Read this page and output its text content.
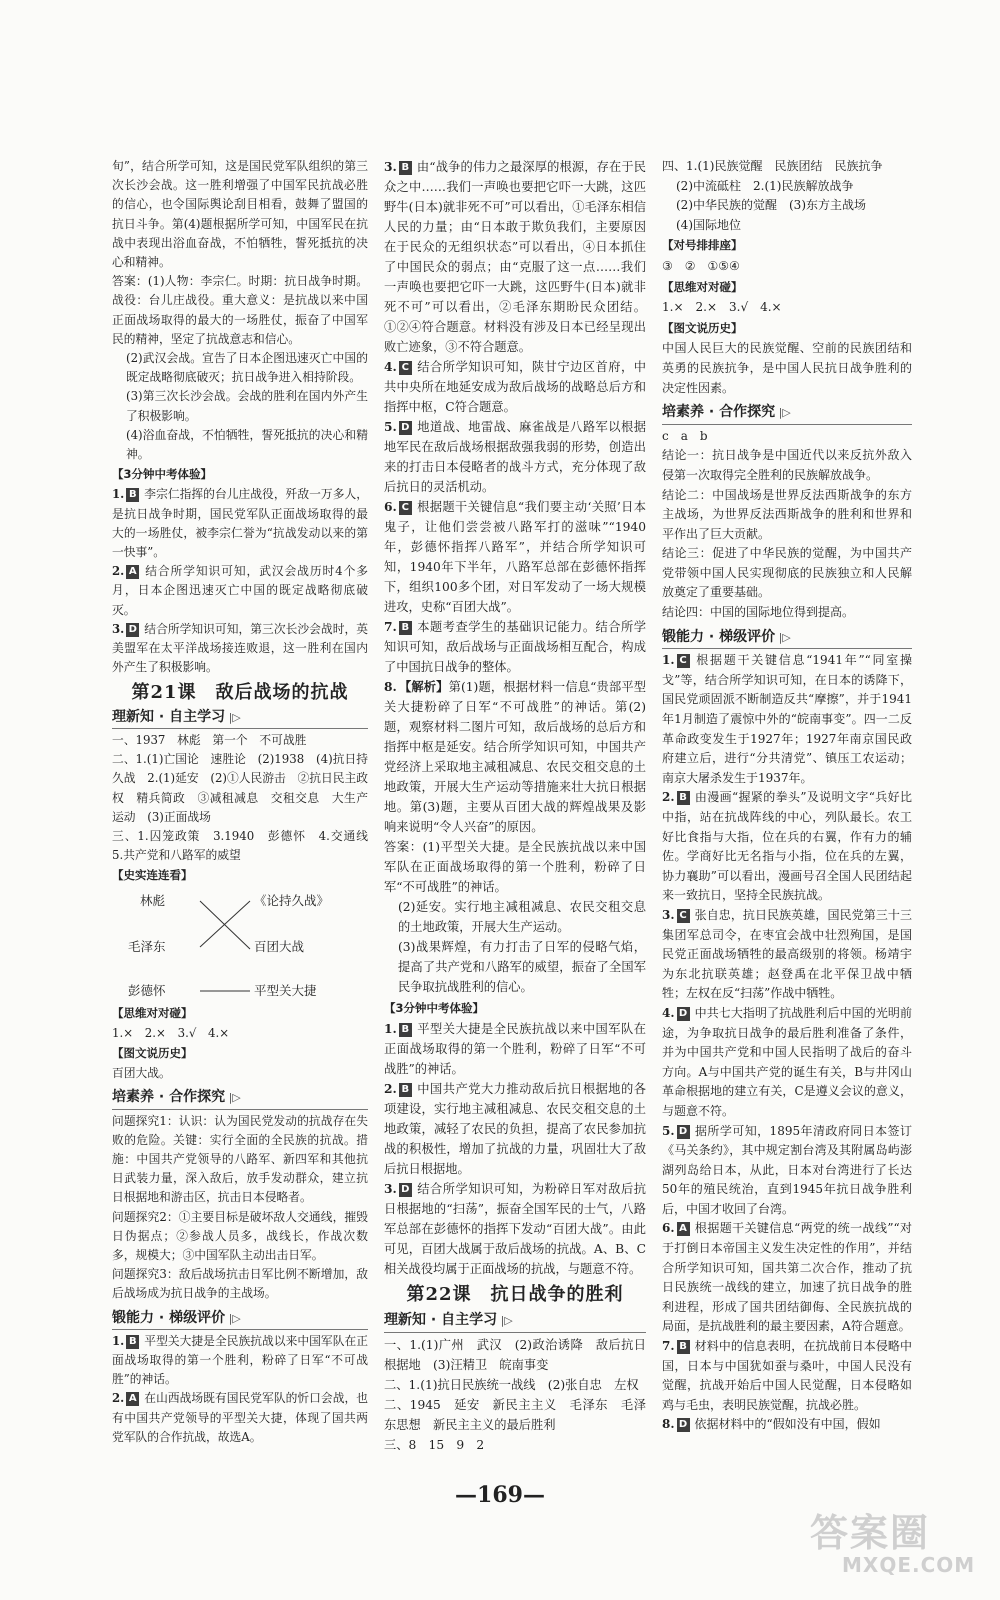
旬”，结合所学可知，这是国民党军队组织的第三次长沙会战。这一胜利增强了中国军民抗战必胜的信心，也令国际舆论刮目相看，鼓舞了盟国的抗日斗争。第(4)题根据所学可知，中国军民在抗战中表现出浴血奋战，不怕牺牲，誓死抵抗的决心和精神。

答案：(1)人物：李宗仁。时期：抗日战争时期。战役：台儿庄战役。重大意义：是抗战以来中国正面战场取得的最大的一场胜仗，振奋了中国军民的精神，坚定了抗战意志和信心。

(2)武汉会战。宣告了日本企图迅速灭亡中国的既定战略彻底破灭；抗日战争进入相持阶段。

(3)第三次长沙会战。会战的胜利在国内外产生了积极影响。

(4)浴血奋战，不怕牺牲，誓死抵抗的决心和精神。

【3分钟中考体验】

1. B 李宗仁指挥的台儿庄战役，歼敌一万多人，是抗日战争时期，国民党军队正面战场取得的最大的一场胜仗，被李宗仁誉为“抗战发动以来的第一快事”。

2. A 结合所学知识可知，武汉会战历时4个多月，日本企图迅速灭亡中国的既定战略彻底破灭。

3. D 结合所学知识可知，第三次长沙会战时，英美盟军在太平洋战场接连败退，这一胜利在国内外产生了积极影响。

第21课　敌后战场的抗战
理新知 · 自主学习 |▷

一、1937　林彪　第一个　不可战胜

二、1.(1)亡国论　速胜论　(2)1938　(4)抗日持久战　2.(1)延安　(2)①人民游击　②抗日民主政权　精兵简政　③减租减息　交租交息　大生产运动　(3)正面战场

三、1.囚笼政策　3.1940　彭德怀　4.交通线　5.共产党和八路军的威望

【史实连连看】
林彪
毛泽东
彭德怀
《论持久战》
百团大战
平型关大捷
【思维对对碰】

1.×　2.×　3.√　4.×

【图文说历史】

百团大战。

培素养 · 合作探究 |▷

问题探究1：认识：认为国民党发动的抗战存在失败的危险。关键：实行全面的全民族的抗战。措施：中国共产党领导的八路军、新四军和其他抗日武装力量，深入敌后，放手发动群众，建立抗日根据地和游击区，抗击日本侵略者。

问题探究2：①主要目标是破坏敌人交通线，摧毁日伪据点；②参战人员多，战线长，作战次数多，规模大；③中国军队主动出击日军。

问题探究3：敌后战场抗击日军比例不断增加，敌后战场成为抗日战争的主战场。

锻能力 · 梯级评价 |▷

1. B 平型关大捷是全民族抗战以来中国军队在正面战场取得的第一个胜利，粉碎了日军“不可战胜”的神话。

2. A 在山西战场既有国民党军队的忻口会战，也有中国共产党领导的平型关大捷，体现了国共两党军队的合作抗战，故选A。

3. B 由“战争的伟力之最深厚的根源，存在于民众之中……我们一声唤也要把它吓一大跳，这匹野牛(日本)就非死不可”可以看出，①毛泽东相信人民的力量；由“日本敢于欺负我们，主要原因在于民众的无组织状态”可以看出，④日本抓住了中国民众的弱点；由“克服了这一点……我们一声唤也要把它吓一大跳，这匹野牛(日本)就非死不可”可以看出，②毛泽东期盼民众团结。①②④符合题意。材料没有涉及日本已经呈现出败亡迹象，③不符合题意。

4. C 结合所学知识可知，陕甘宁边区首府，中共中央所在地延安成为敌后战场的战略总后方和指挥中枢，C符合题意。

5. D 地道战、地雷战、麻雀战是八路军以根据地军民在敌后战场根据敌强我弱的形势，创造出来的打击日本侵略者的战斗方式，充分体现了敌后抗日的灵活机动。

6. C 根据题干关键信息“我们要主动‘关照’日本鬼子，让他们尝尝被八路军打的滋味”“1940年，彭德怀指挥八路军”，并结合所学知识可知，1940年下半年，八路军总部在彭德怀指挥下，组织100多个团，对日军发动了一场大规模进攻，史称“百团大战”。

7. B 本题考查学生的基础识记能力。结合所学知识可知，敌后战场与正面战场相互配合，构成了中国抗日战争的整体。

8. 【解析】第(1)题，根据材料一信息“贵部平型关大捷粉碎了日军“不可战胜”的神话。第(2)题，观察材料二图片可知，敌后战场的总后方和指挥中枢是延安。结合所学知识可知，中国共产党经济上采取地主减租减息、农民交租交息的土地政策，开展大生产运动等措施来壮大抗日根据地。第(3)题，主要从百团大战的辉煌战果及影响来说明“令人兴奋”的原因。

答案：(1)平型关大捷。是全民族抗战以来中国军队在正面战场取得的第一个胜利，粉碎了日军“不可战胜”的神话。

(2)延安。实行地主减租减息、农民交租交息的土地政策，开展大生产运动。

(3)战果辉煌，有力打击了日军的侵略气焰，提高了共产党和八路军的威望，振奋了全国军民争取抗战胜利的信心。

【3分钟中考体验】

1. B 平型关大捷是全民族抗战以来中国军队在正面战场取得的第一个胜利，粉碎了日军“不可战胜”的神话。

2. B 中国共产党大力推动敌后抗日根据地的各项建设，实行地主减租减息、农民交租交息的土地政策，减轻了农民的负担，提高了农民参加抗战的积极性，增加了抗战的力量，巩固壮大了敌后抗日根据地。

3. D 结合所学知识可知，为粉碎日军对敌后抗日根据地的“扫荡”，振奋全国军民的士气，八路军总部在彭德怀的指挥下发动“百团大战”。由此可见，百团大战属于敌后战场的抗战。A、B、C相关战役均属于正面战场的抗战，与题意不符。

第22课　抗日战争的胜利
理新知 · 自主学习 |▷

一、1.(1)广州　武汉　(2)政治诱降　敌后抗日根据地　(3)汪精卫　皖南事变

二、1.(1)抗日民族统一战线　(2)张自忠　左权

二、1945　延安　新民主主义　毛泽东　毛泽东思想　新民主主义的最后胜利

三、8　15　9　2

四、1.(1)民族觉醒　民族团结　民族抗争

(2)中流砥柱　2.(1)民族解放战争

(2)中华民族的觉醒　(3)东方主战场

(4)国际地位

【对号排排座】

③　②　①⑤④

【思维对对碰】

1.×　2.×　3.√　4.×

【图文说历史】

中国人民巨大的民族觉醒、空前的民族团结和英勇的民族抗争，是中国人民抗日战争胜利的决定性因素。

培素养 · 合作探究 |▷

c　a　b

结论一：抗日战争是中国近代以来反抗外敌入侵第一次取得完全胜利的民族解放战争。

结论二：中国战场是世界反法西斯战争的东方主战场，为世界反法西斯战争的胜利和世界和平作出了巨大贡献。

结论三：促进了中华民族的觉醒，为中国共产党带领中国人民实现彻底的民族独立和人民解放奠定了重要基础。

结论四：中国的国际地位得到提高。

锻能力 · 梯级评价 |▷

1. C 根据题干关键信息“1941年”“同室操戈”等，结合所学知识可知，在日本的诱降下，国民党顽固派不断制造反共“摩擦”，并于1941年1月制造了震惊中外的“皖南事变”。四一二反革命政变发生于1927年；1927年南京国民政府建立后，进行“分共清党”、镇压工农运动；南京大屠杀发生于1937年。

2. B 由漫画“握紧的拳头”及说明文字“兵好比中指，站在抗战阵线的中心，列队最长。农工好比食指与大指，位在兵的右翼，作有力的辅佐。学商好比无名指与小指，位在兵的左翼，协力襄助”可以看出，漫画号召全国人民团结起来一致抗日，坚持全民族抗战。

3. C 张自忠，抗日民族英雄，国民党第三十三集团军总司令，在枣宜会战中壮烈殉国，是国民党正面战场牺牲的最高级别的将领。杨靖宇为东北抗联英雄；赵登禹在北平保卫战中牺牲；左权在反“扫荡”作战中牺牲。

4. D 中共七大指明了抗战胜利后中国的光明前途，为争取抗日战争的最后胜利准备了条件，并为中国共产党和中国人民指明了战后的奋斗方向。A与中国共产党的诞生有关，B与井冈山革命根据地的建立有关，C是遵义会议的意义，与题意不符。

5. D 据所学可知，1895年清政府同日本签订《马关条约》，其中规定割台湾及其附属岛屿澎湖列岛给日本，从此，日本对台湾进行了长达50年的殖民统治，直到1945年抗日战争胜利后，中国才收回了台湾。

6. A 根据题干关键信息“两党的统一战线”“对于打倒日本帝国主义发生决定性的作用”，并结合所学知识可知，国共第二次合作，推动了抗日民族统一战线的建立，加速了抗日战争的胜利进程，形成了国共团结御侮、全民族抗战的局面，是抗战胜利的最主要因素，A符合题意。

7. B 材料中的信息表明，在抗战前日本侵略中国，日本与中国犹如蚕与桑叶，中国人民没有觉醒，抗战开始后中国人民觉醒，日本侵略如鸡与毛虫，表明民族觉醒，抗战必胜。

8. D 依据材料中的“假如没有中国，假如

—169—
答案圈
MXQE.COM
